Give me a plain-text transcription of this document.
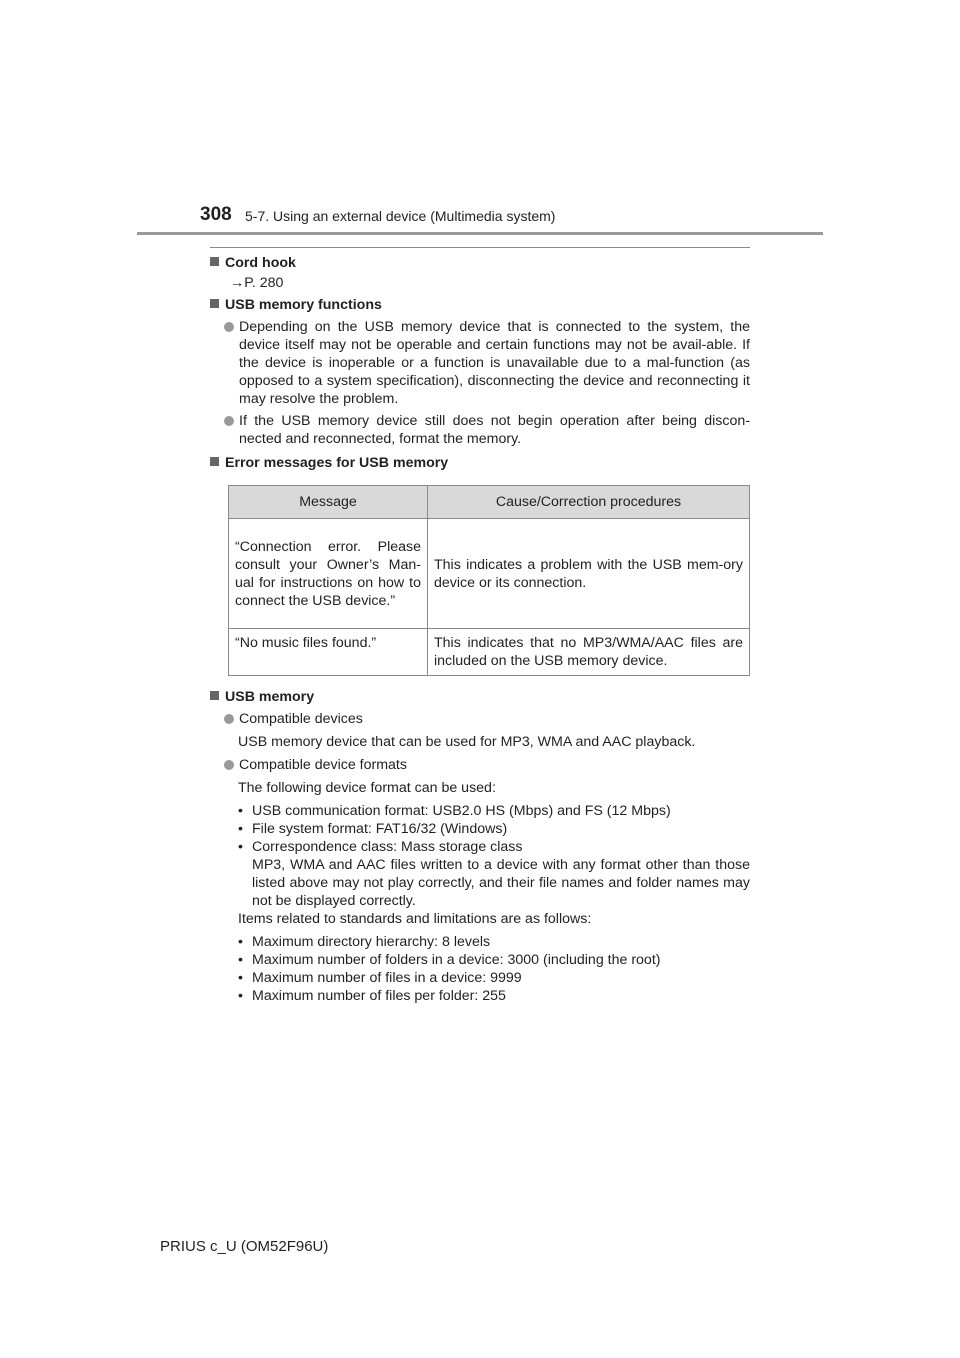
308 5-7. Using an external device (Multimedia system)
Cord hook
→P. 280
USB memory functions
Depending on the USB memory device that is connected to the system, the device itself may not be operable and certain functions may not be avail-able. If the device is inoperable or a function is unavailable due to a mal-function (as opposed to a system specification), disconnecting the device and reconnecting it may resolve the problem.
If the USB memory device still does not begin operation after being discon-nected and reconnected, format the memory.
Error messages for USB memory
Message	Cause/Correction procedures
“Connection error. Please consult your Owner’s Man-ual for instructions on how to connect the USB device.”	This indicates a problem with the USB mem-ory device or its connection.
“No music files found.”	This indicates that no MP3/WMA/AAC files are included on the USB memory device.
USB memory
Compatible devices
USB memory device that can be used for MP3, WMA and AAC playback.
Compatible device formats
The following device format can be used:
• USB communication format: USB2.0 HS (Mbps) and FS (12 Mbps)
• File system format: FAT16/32 (Windows)
• Correspondence class: Mass storage class
MP3, WMA and AAC files written to a device with any format other than those listed above may not play correctly, and their file names and folder names may not be displayed correctly.
Items related to standards and limitations are as follows:
• Maximum directory hierarchy: 8 levels
• Maximum number of folders in a device: 3000 (including the root)
• Maximum number of files in a device: 9999
• Maximum number of files per folder: 255
PRIUS c_U (OM52F96U)
